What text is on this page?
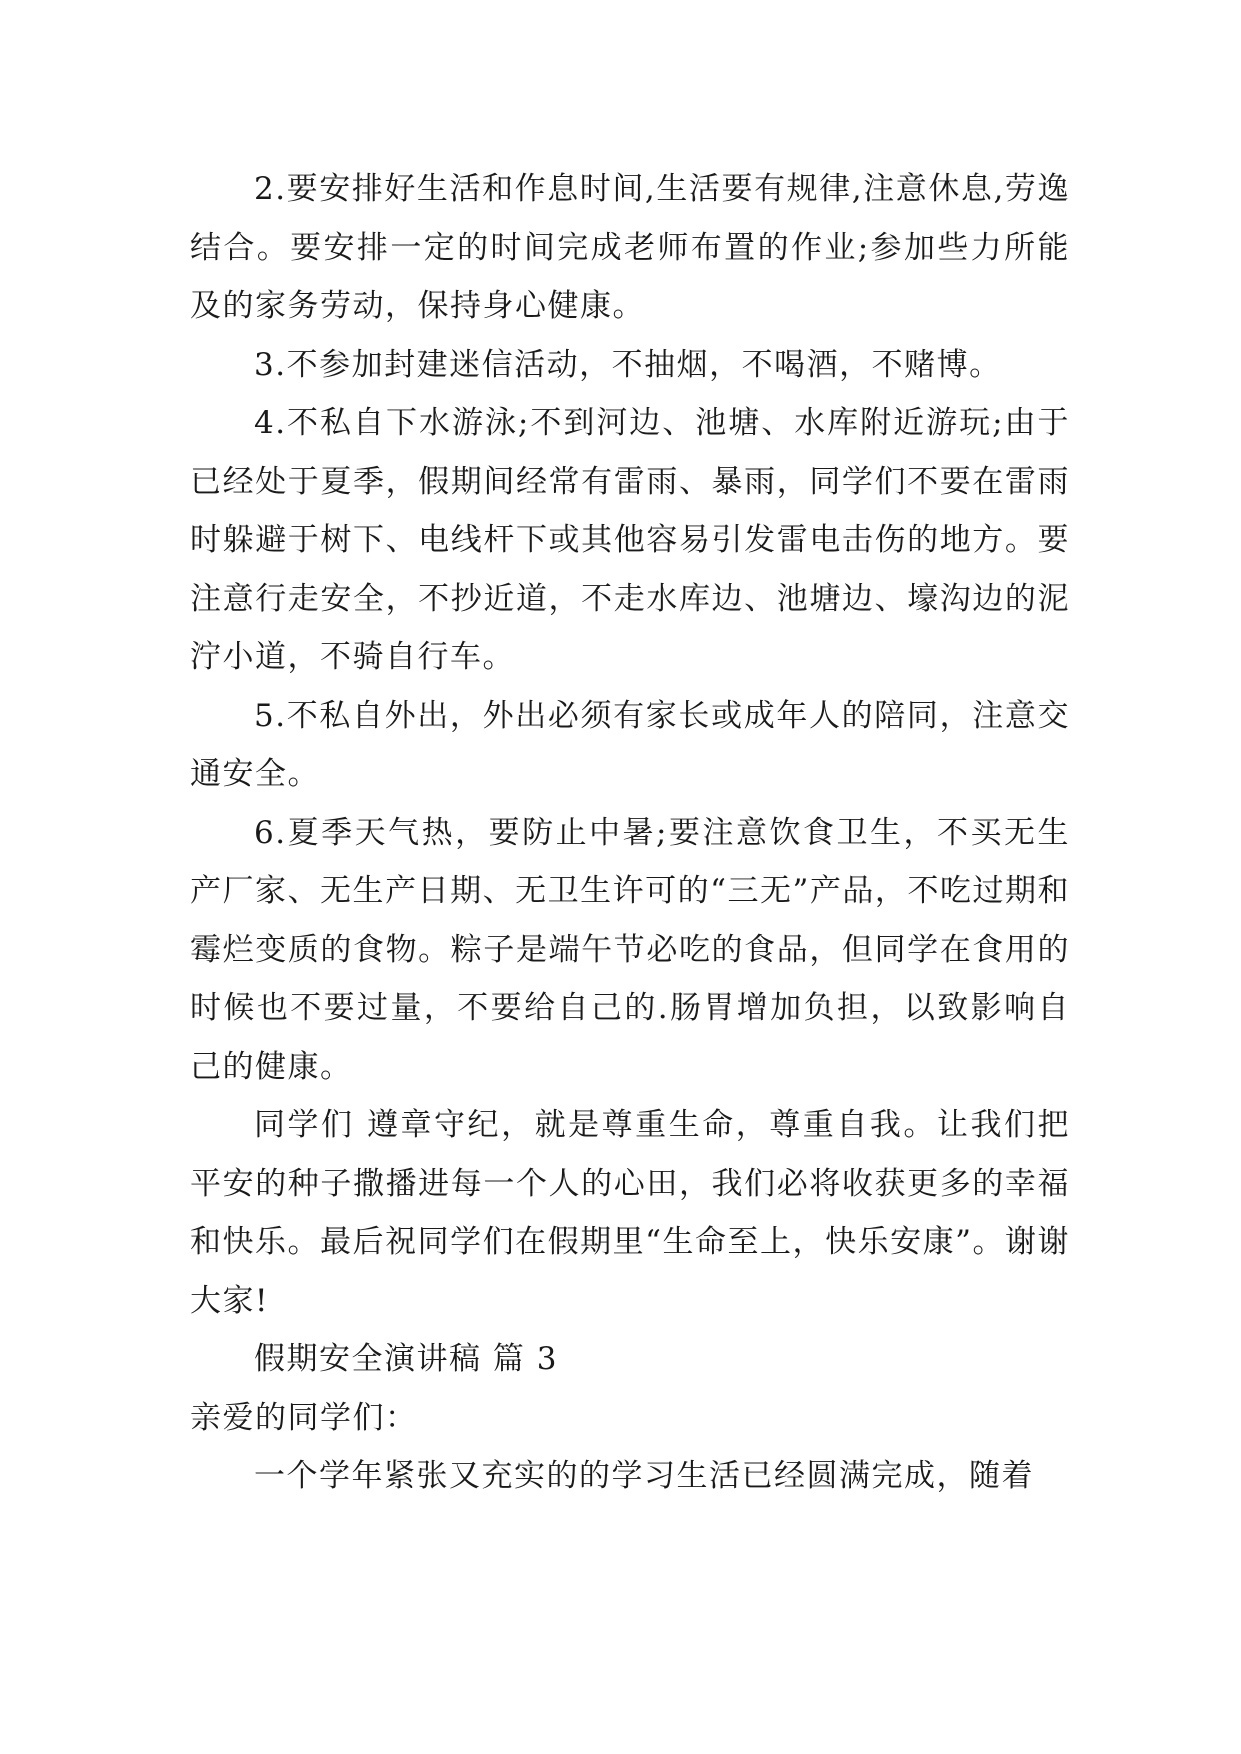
2.要安排好生活和作息时间,生活要有规律,注意休息,劳逸结合。要安排一定的时间完成老师布置的作业;参加些力所能及的家务劳动，保持身心健康。

3.不参加封建迷信活动，不抽烟，不喝酒，不赌博。

4.不私自下水游泳;不到河边、池塘、水库附近游玩;由于已经处于夏季，假期间经常有雷雨、暴雨，同学们不要在雷雨时躲避于树下、电线杆下或其他容易引发雷电击伤的地方。要注意行走安全，不抄近道，不走水库边、池塘边、壕沟边的泥泞小道，不骑自行车。

5.不私自外出，外出必须有家长或成年人的陪同，注意交通安全。

6.夏季天气热，要防止中暑;要注意饮食卫生，不买无生产厂家、无生产日期、无卫生许可的“三无”产品，不吃过期和霉烂变质的食物。粽子是端午节必吃的食品，但同学在食用的时候也不要过量，不要给自己的.肠胃增加负担，以致影响自己的健康。

同学们 遵章守纪，就是尊重生命，尊重自我。让我们把平安的种子撒播进每一个人的心田，我们必将收获更多的幸福和快乐。最后祝同学们在假期里“生命至上，快乐安康”。谢谢大家!

假期安全演讲稿 篇 3

亲爱的同学们：

一个学年紧张又充实的的学习生活已经圆满完成，随着
